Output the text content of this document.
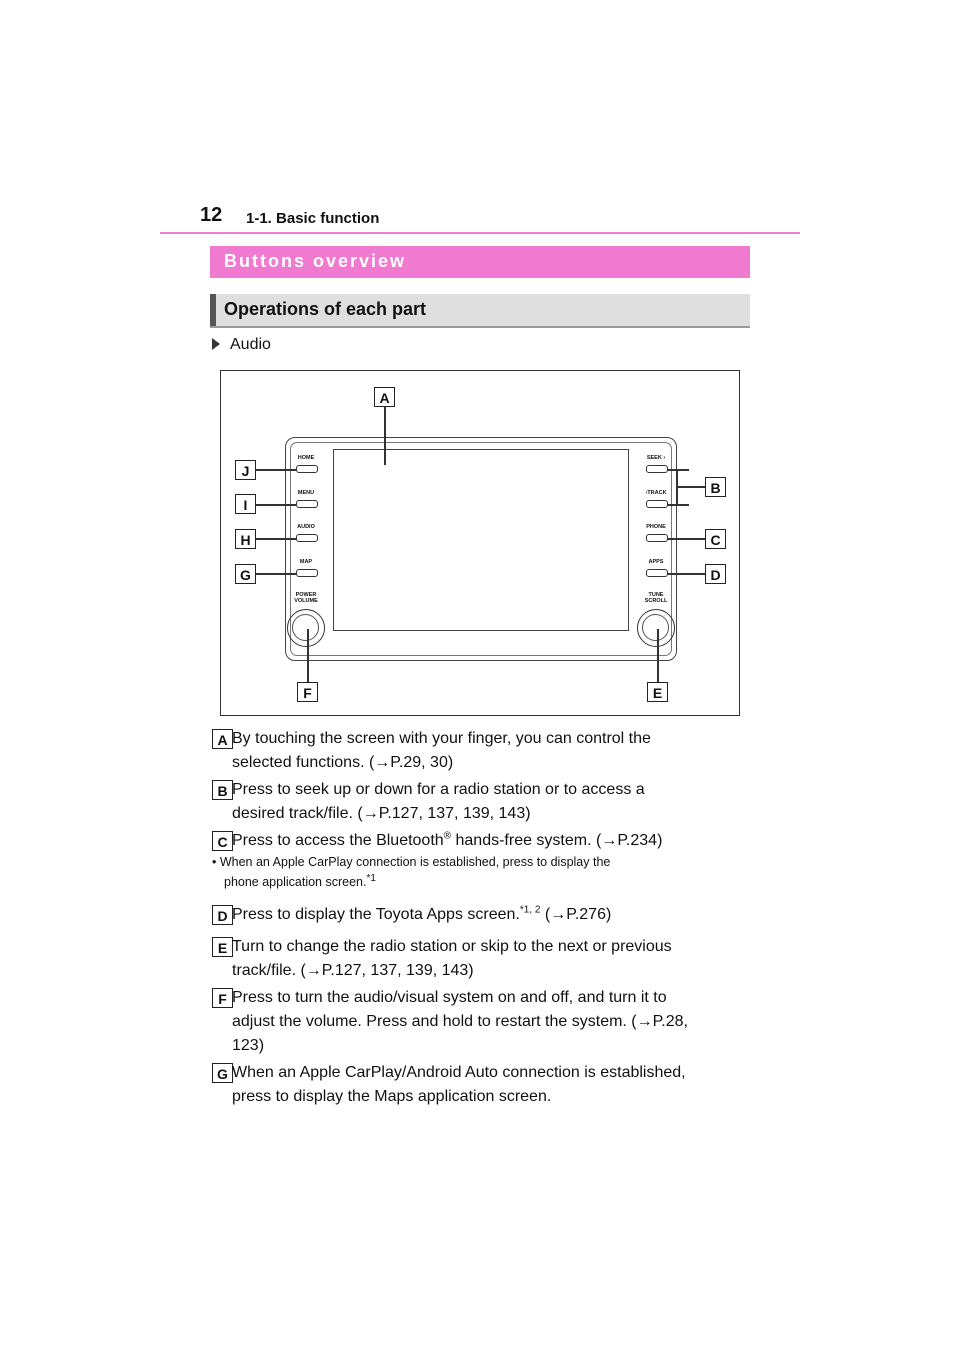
12 1-1. Basic function
Buttons overview
Operations of each part
Audio
HOME
MENU
AUDIO
MAP
POWER
VOLUME
SEEK ›
‹TRACK
PHONE
APPS
TUNE
SCROLL
A
B
C
D
E
F
G
H
I
J
A By touching the screen with your finger, you can control the
selected functions. (→P.29, 30)
B Press to seek up or down for a radio station or to access a
desired track/file. (→P.127, 137, 139, 143)
C Press to access the Bluetooth® hands-free system. (→P.234)
• When an Apple CarPlay connection is established, press to display the
phone application screen.$^{*1}$
D Press to display the Toyota Apps screen.$^{*1, 2}$ (→P.276)
E Turn to change the radio station or skip to the next or previous
track/file. (→P.127, 137, 139, 143)
F Press to turn the audio/visual system on and off, and turn it to
adjust the volume. Press and hold to restart the system. (→P.28,
123)
G When an Apple CarPlay/Android Auto connection is established,
press to display the Maps application screen.
